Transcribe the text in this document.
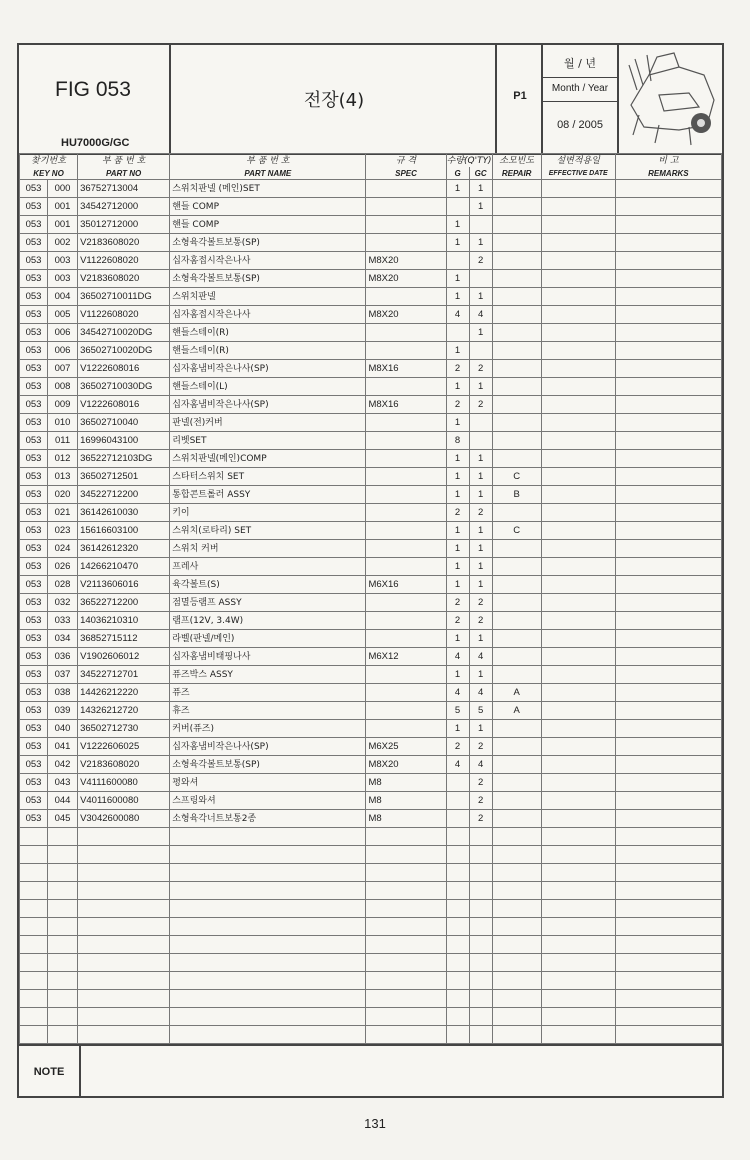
FIG 053
HU7000G/GC
전장(4)	P1
월 / 년
Month / Year
08 / 2005
찾기번호		부 품 번 호	부 품 번 호	규 격	수량(Q'TY)		소모빈도	설변적용일	비 고
KEY NO		PART NO	PART NAME	SPEC	G	GC	REPAIR	EFFECTIVE DATE	REMARKS
053	000	36752713004	스위치판넬 (메인)SET		1	1			
053	001	34542712000	핸들 COMP			1			
053	001	35012712000	핸들 COMP		1				
053	002	V2183608020	소형육각볼트보통(SP)		1	1			
053	003	V1122608020	십자홈접시작은나사	M8X20		2			
053	003	V2183608020	소형육각볼트보통(SP)	M8X20	1				
053	004	36502710011DG	스위치판넬		1	1			
053	005	V1122608020	십자홈접시작은나사	M8X20	4	4			
053	006	34542710020DG	핸들스테이(R)			1			
053	006	36502710020DG	핸들스테이(R)		1				
053	007	V1222608016	십자홈냄비작은나사(SP)	M8X16	2	2			
053	008	36502710030DG	핸들스테이(L)		1	1			
053	009	V1222608016	십자홈냄비작은나사(SP)	M8X16	2	2			
053	010	36502710040	판넬(전)커버		1				
053	011	16996043100	리벳SET		8				
053	012	36522712103DG	스위치판넬(메인)COMP		1	1			
053	013	36502712501	스타터스위치 SET		1	1	C		
053	020	34522712200	통합콘트롤러 ASSY		1	1	B		
053	021	36142610030	키이		2	2			
053	023	15616603100	스위치(로타리) SET		1	1	C		
053	024	36142612320	스위치 커버		1	1			
053	026	14266210470	프레사		1	1			
053	028	V2113606016	육각볼트(S)	M6X16	1	1			
053	032	36522712200	점멸등램프 ASSY		2	2			
053	033	14036210310	램프(12V, 3.4W)		2	2			
053	034	36852715112	라벨(판넬/메인)		1	1			
053	036	V1902606012	십자홈냄비태핑나사	M6X12	4	4			
053	037	34522712701	퓨즈박스 ASSY		1	1			
053	038	14426212220	퓨즈		4	4	A		
053	039	14326212720	휴즈		5	5	A		
053	040	36502712730	커버(퓨즈)		1	1			
053	041	V1222606025	십자홈냄비작은나사(SP)	M6X25	2	2			
053	042	V2183608020	소형육각볼트보통(SP)	M8X20	4	4			
053	043	V4111600080	평와셔	M8		2			
053	044	V4011600080	스프링와셔	M8		2			
053	045	V3042600080	소형육각너트보통2종	M8		2			

NOTE
131
